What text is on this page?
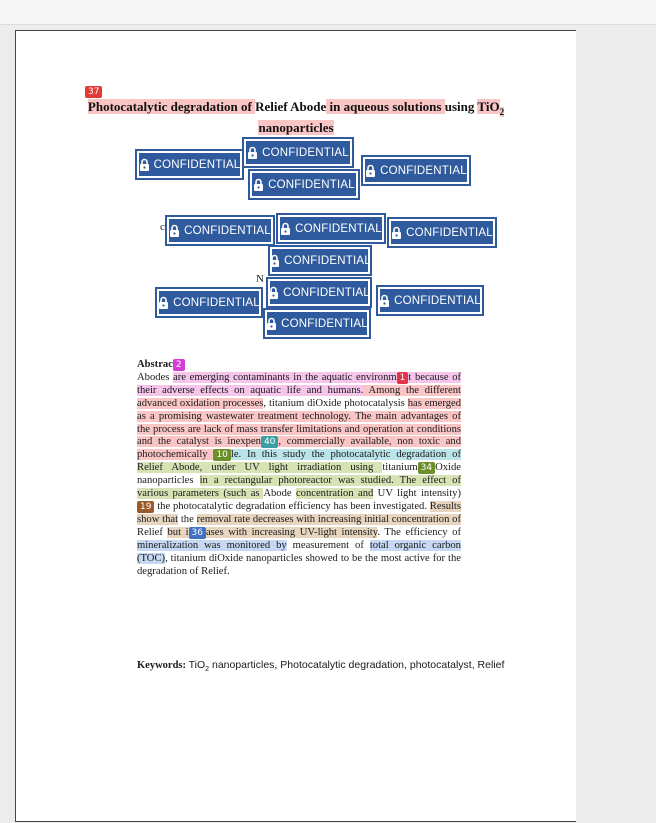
37
Photocatalytic degradation of Relief Abode in aqueous solutions using TiO$_2$
nanoparticles
c
N
CONFIDENTIAL
CONFIDENTIAL
CONFIDENTIAL
CONFIDENTIAL
CONFIDENTIAL CONFIDENTIAL CONFIDENTIAL
CONFIDENTIAL
CONFIDENTIAL
CONFIDENTIAL
CONFIDENTIAL
CONFIDENTIAL
Abstrac 2
Abodes are emerging contaminants in the aquatic environm 1 t because of their adverse effects on aquatic life and humans. Among the different advanced oxidation processes, titanium diOxide photocatalysis has emerged as a promising wastewater treatment technology. The main advantages of the process are lack of mass transfer limitations and operation at conditions and the catalyst is inexpen 40 , commercially available, non toxic and photochemically 10 le. In this study the photocatalytic degradation of Relief Abode, under UV light irradiation using titanium 34 Oxide nanoparticles in a rectangular photoreactor was studied. The effect of various parameters (such as Abode concentration and UV light intensity) 19 the photocatalytic degradation efficiency has been investigated. Results show that the removal rate decreases with increasing initial concentration of Relief but i 36 ases with increasing UV-light intensity. The efficiency of mineralization was monitored by measurement of total organic carbon (TOC), titanium diOxide nanoparticles showed to be the most active for the degradation of Relief.
Keywords: TiO$_2$ nanoparticles, Photocatalytic degradation, photocatalyst, Relief
